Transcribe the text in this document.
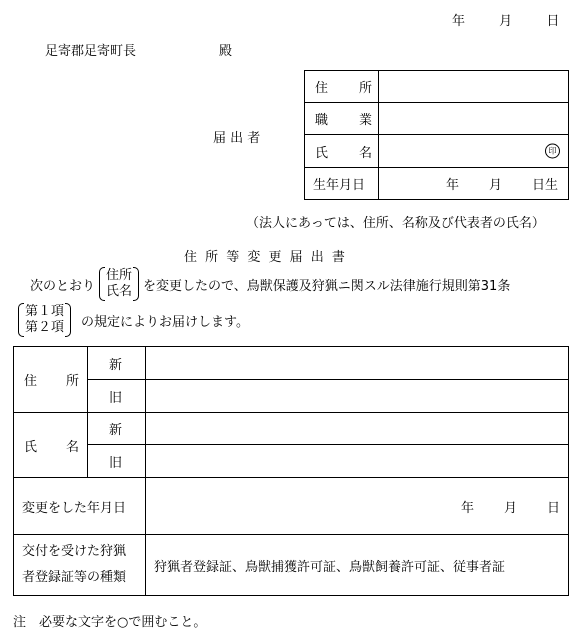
年	月	日
足寄郡足寄町長	殿
届 出 者
住 所	

職 業	

氏 名	印

生年月日	年 月 日生
（法人にあっては、住所、名称及び代表者の氏名）
住 所 等 変 更 届 出 書
次のとおり
住所
氏名 を変更したので、鳥獣保護及狩猟ニ関スル法律施行規則第31条
第１項
第２項 の規定によりお届けします。
住 所	新	
	旧	

氏 名	新	
	旧	
変更をした年月日		年 月 日

交付を受けた狩猟
者登録証等の種類		狩猟者登録証、鳥獣捕獲許可証、鳥獣飼養許可証、従事者証
注　必要な文字を○で囲むこと。
